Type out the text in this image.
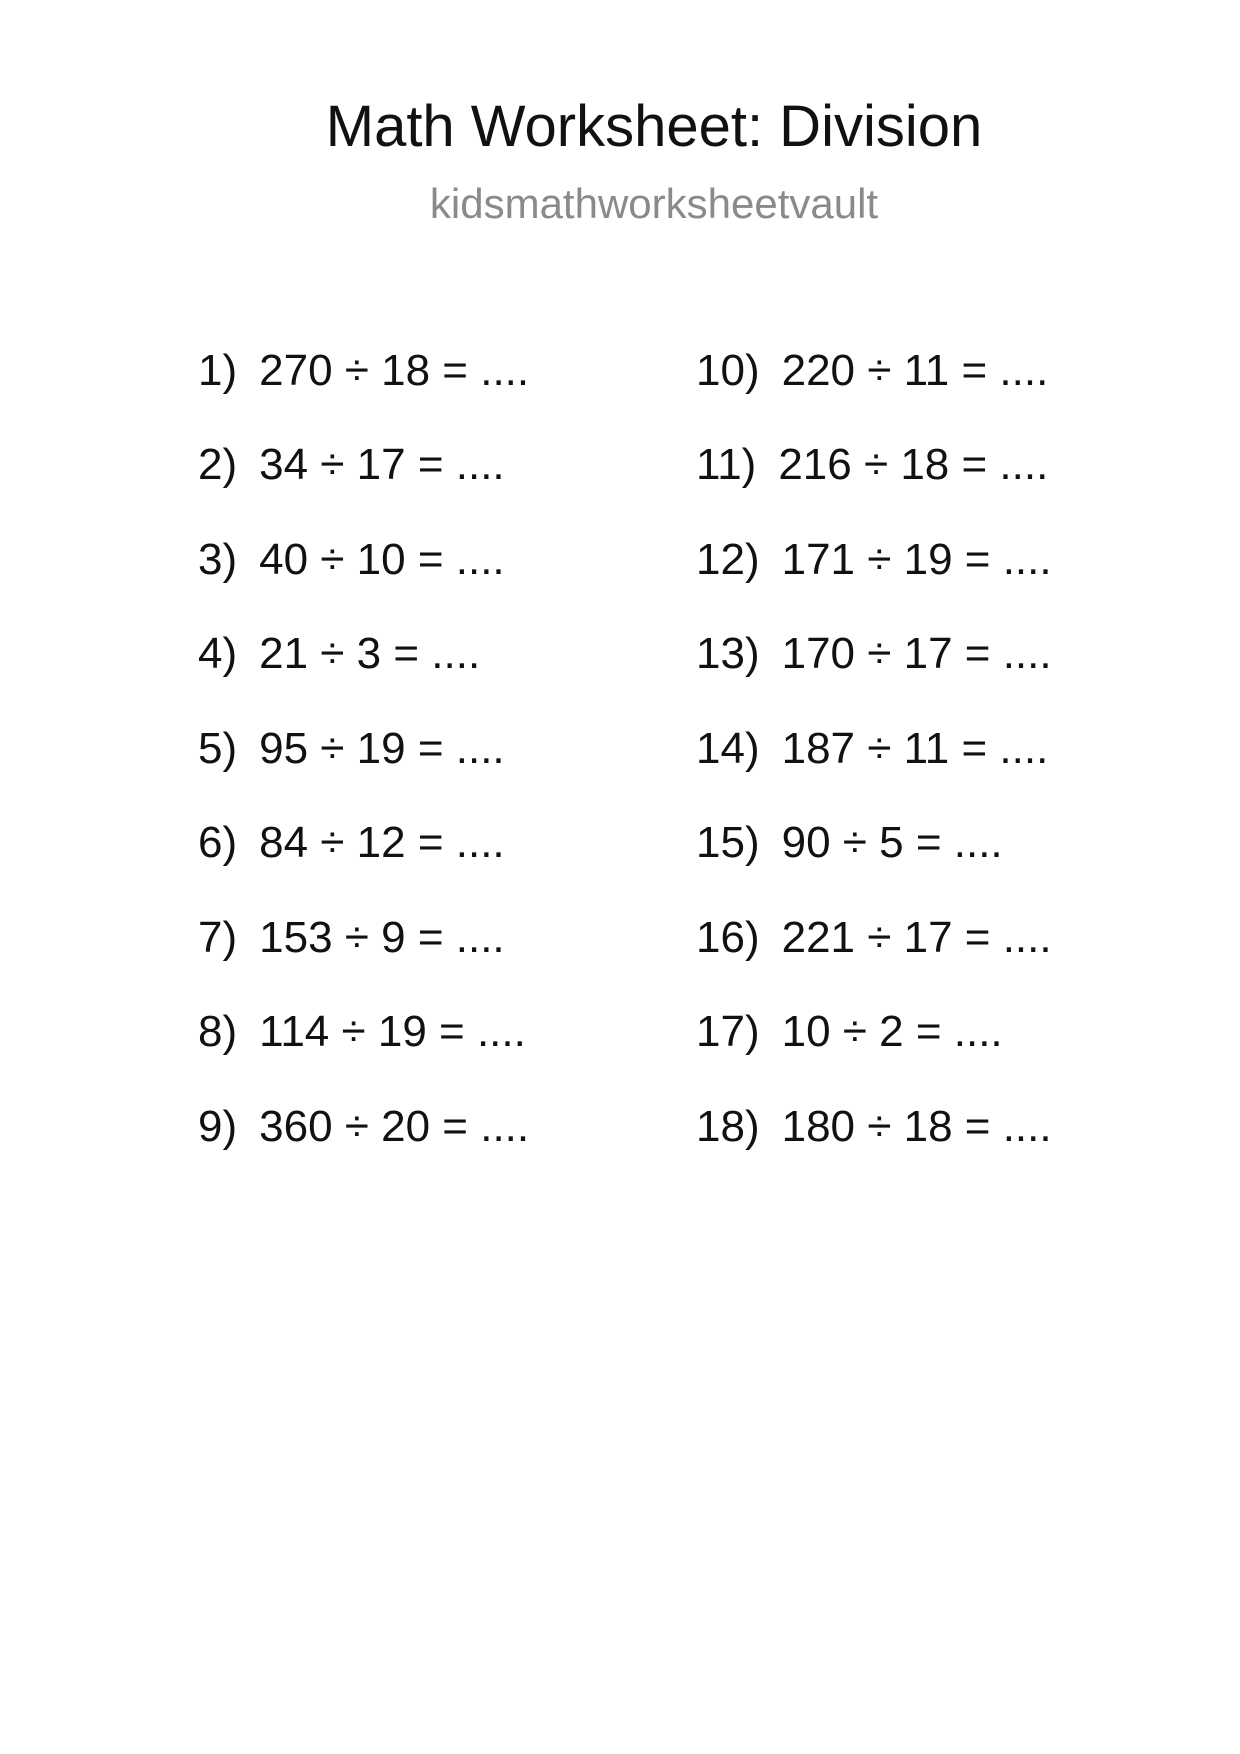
Math Worksheet: Division
kidsmathworksheetvault
1) 270 ÷ 18 = ....
2) 34 ÷ 17 = ....
3) 40 ÷ 10 = ....
4) 21 ÷ 3 = ....
5) 95 ÷ 19 = ....
6) 84 ÷ 12 = ....
7) 153 ÷ 9 = ....
8) 114 ÷ 19 = ....
9) 360 ÷ 20 = ....
10) 220 ÷ 11 = ....
11) 216 ÷ 18 = ....
12) 171 ÷ 19 = ....
13) 170 ÷ 17 = ....
14) 187 ÷ 11 = ....
15) 90 ÷ 5 = ....
16) 221 ÷ 17 = ....
17) 10 ÷ 2 = ....
18) 180 ÷ 18 = ....
